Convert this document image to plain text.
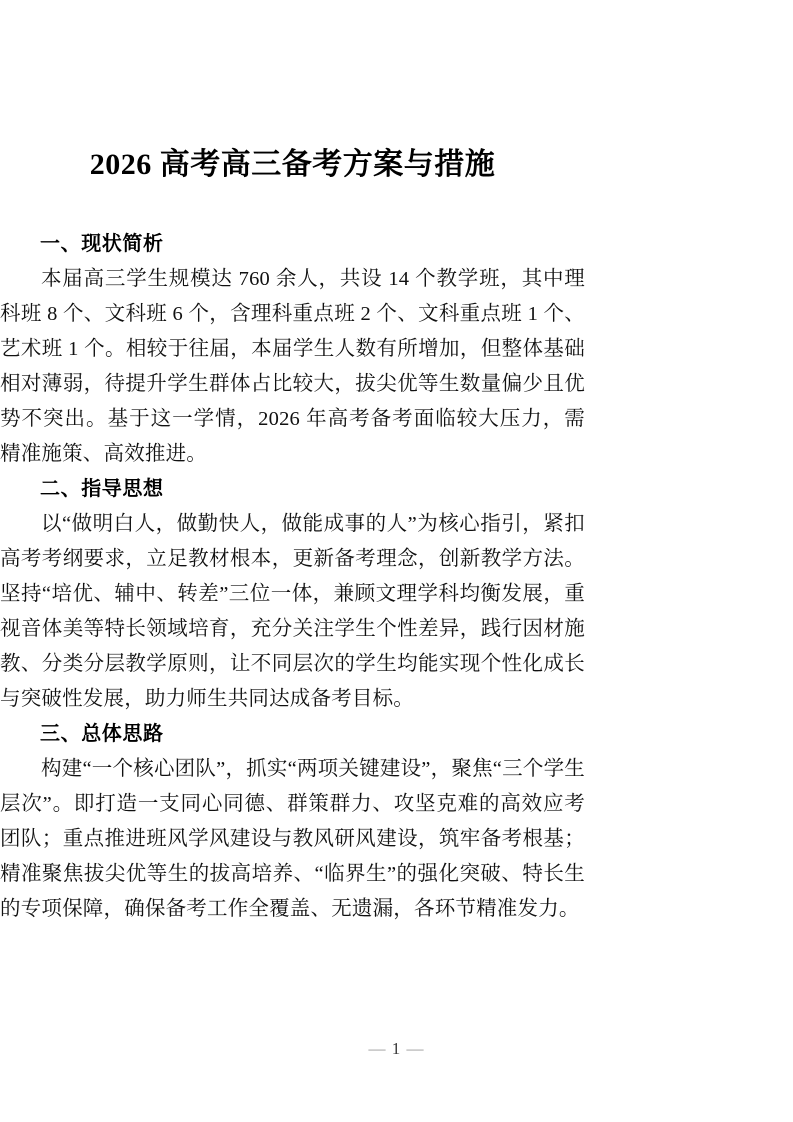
2026 高考高三备考方案与措施
一、现状简析

本届高三学生规模达 760 余人，共设 14 个教学班，其中理科班 8 个、文科班 6 个，含理科重点班 2 个、文科重点班 1 个、艺术班 1 个。相较于往届，本届学生人数有所增加，但整体基础相对薄弱，待提升学生群体占比较大，拔尖优等生数量偏少且优势不突出。基于这一学情，2026 年高考备考面临较大压力，需精准施策、高效推进。

二、指导思想

以“做明白人，做勤快人，做能成事的人”为核心指引，紧扣高考考纲要求，立足教材根本，更新备考理念，创新教学方法。坚持“培优、辅中、转差”三位一体，兼顾文理学科均衡发展，重视音体美等特长领域培育，充分关注学生个性差异，践行因材施教、分类分层教学原则，让不同层次的学生均能实现个性化成长与突破性发展，助力师生共同达成备考目标。

三、总体思路

构建“一个核心团队”，抓实“两项关键建设”，聚焦“三个学生层次”。即打造一支同心同德、群策群力、攻坚克难的高效应考团队；重点推进班风学风建设与教风研风建设，筑牢备考根基；精准聚焦拔尖优等生的拔高培养、“临界生”的强化突破、特长生的专项保障，确保备考工作全覆盖、无遗漏，各环节精准发力。

— 1 —
